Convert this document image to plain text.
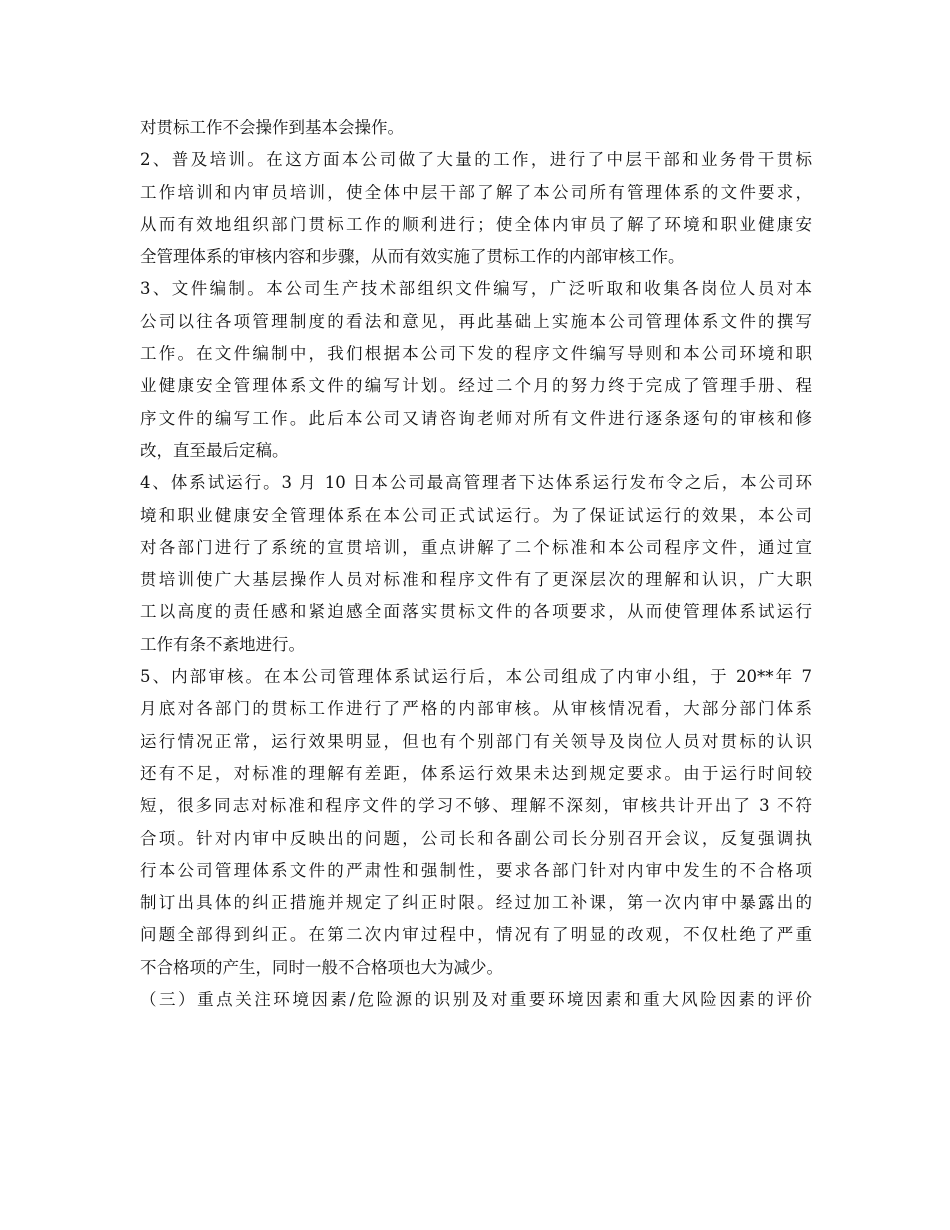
对贯标工作不会操作到基本会操作。
2、普及培训。在这方面本公司做了大量的工作，进行了中层干部和业务骨干贯标
工作培训和内审员培训，使全体中层干部了解了本公司所有管理体系的文件要求，
从而有效地组织部门贯标工作的顺利进行；使全体内审员了解了环境和职业健康安
全管理体系的审核内容和步骤，从而有效实施了贯标工作的内部审核工作。
3、文件编制。本公司生产技术部组织文件编写，广泛听取和收集各岗位人员对本
公司以往各项管理制度的看法和意见，再此基础上实施本公司管理体系文件的撰写
工作。在文件编制中，我们根据本公司下发的程序文件编写导则和本公司环境和职
业健康安全管理体系文件的编写计划。经过二个月的努力终于完成了管理手册、程
序文件的编写工作。此后本公司又请咨询老师对所有文件进行逐条逐句的审核和修
改，直至最后定稿。
4、体系试运行。3 月 10 日本公司最高管理者下达体系运行发布令之后，本公司环
境和职业健康安全管理体系在本公司正式试运行。为了保证试运行的效果，本公司
对各部门进行了系统的宣贯培训，重点讲解了二个标准和本公司程序文件，通过宣
贯培训使广大基层操作人员对标准和程序文件有了更深层次的理解和认识，广大职
工以高度的责任感和紧迫感全面落实贯标文件的各项要求，从而使管理体系试运行
工作有条不紊地进行。
5、内部审核。在本公司管理体系试运行后，本公司组成了内审小组，于 20**年 7
月底对各部门的贯标工作进行了严格的内部审核。从审核情况看，大部分部门体系
运行情况正常，运行效果明显，但也有个别部门有关领导及岗位人员对贯标的认识
还有不足，对标准的理解有差距，体系运行效果未达到规定要求。由于运行时间较
短，很多同志对标准和程序文件的学习不够、理解不深刻，审核共计开出了 3 不符
合项。针对内审中反映出的问题，公司长和各副公司长分别召开会议，反复强调执
行本公司管理体系文件的严肃性和强制性，要求各部门针对内审中发生的不合格项
制订出具体的纠正措施并规定了纠正时限。经过加工补课，第一次内审中暴露出的
问题全部得到纠正。在第二次内审过程中，情况有了明显的改观，不仅杜绝了严重
不合格项的产生，同时一般不合格项也大为减少。
（三）重点关注环境因素/危险源的识别及对重要环境因素和重大风险因素的评价
